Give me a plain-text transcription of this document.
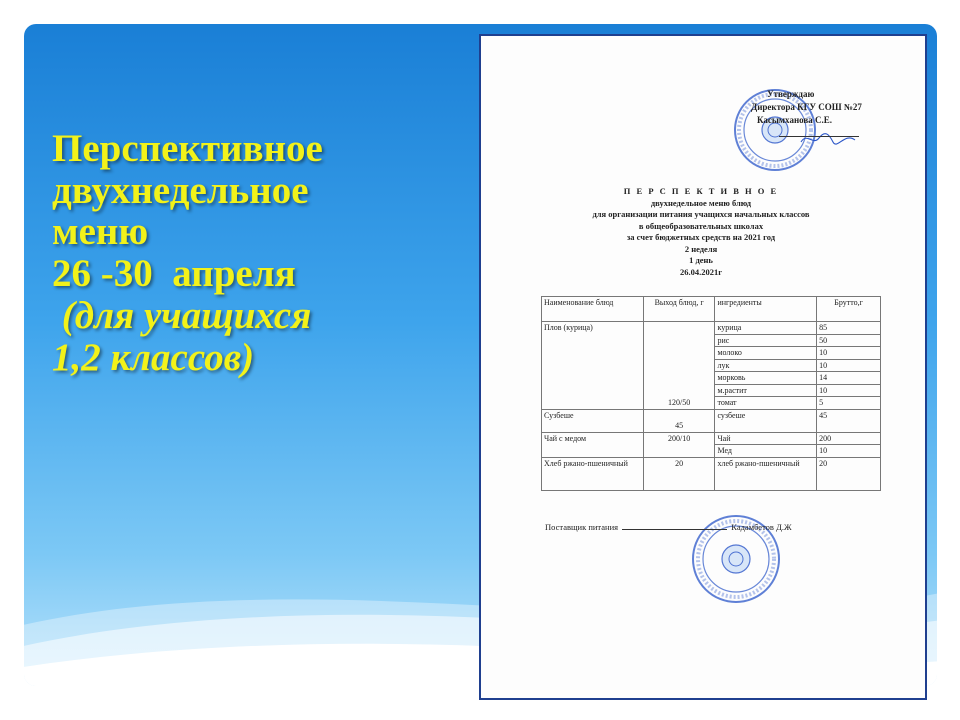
Перспективное
двухнедельное
меню
26 -30  апреля
(для учащихся
1,2 классов)
Утверждаю
Директора КГУ СОШ №27
Касымханова С.Е.
П Е Р С П Е К Т И В Н О Е
двухнедельное меню блюд
для организации питания учащихся начальных классов
в общеобразовательных школах
за счет бюджетных средств на 2021 год
2 неделя
1 день
26.04.2021г
Наименование блюд	Выход блюд, г	ингредиенты	Брутто,г
Плов (курица)	120/50	курица	85
		рис	50
		молоко	10
		лук	10
		морковь	14
		м.растит	10
		томат	5
Сузбеше	45	сузбеше	45
Чай с медом	200/10	Чай	200
		Мед	10
Хлеб ржано-пшеничный	20	хлеб ржано-пшеничный	20
Поставщик питания	Кадамбетов Д.Ж
